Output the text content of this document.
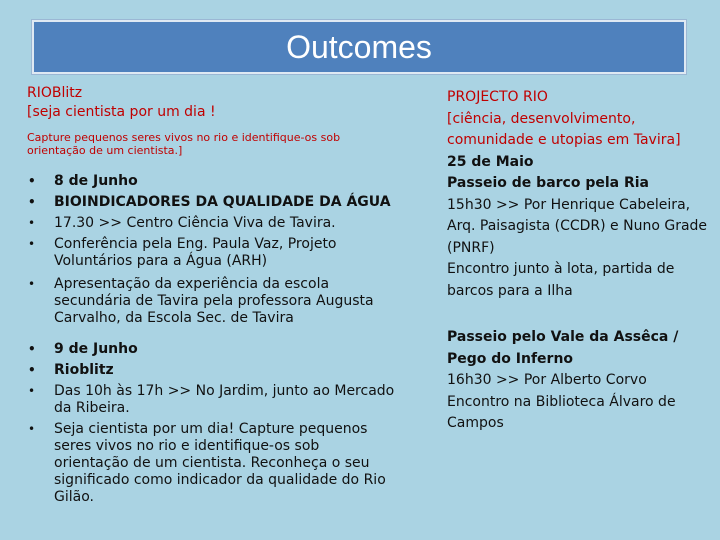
Outcomes
RIOBlitz
[seja cientista por um dia !
Capture pequenos seres vivos no rio e identifique-os sob orientação de um cientista.]
• 8 de Junho
• BIOINDICADORES DA QUALIDADE DA ÁGUA
• 17.30 >> Centro Ciência Viva de Tavira.
• Conferência pela Eng. Paula Vaz, Projeto Voluntários para a Água (ARH)
• Apresentação da experiência da escola secundária de Tavira pela professora Augusta Carvalho, da Escola Sec. de Tavira
• 9 de Junho
• Rioblitz
• Das 10h às 17h >> No Jardim, junto ao Mercado da Ribeira.
• Seja cientista por um dia! Capture pequenos seres vivos no rio e identifique-os sob orientação de um cientista. Reconheça o seu significado como indicador da qualidade do Rio Gilão.
PROJECTO RIO
[ciência, desenvolvimento, comunidade e utopias em Tavira]
25 de Maio
Passeio de barco pela Ria
15h30 >> Por Henrique Cabeleira, Arq. Paisagista (CCDR) e Nuno Grade (PNRF)
Encontro junto à lota, partida de barcos para a Ilha
Passeio pelo Vale da Assêca / Pego do Inferno
16h30 >> Por Alberto Corvo
Encontro na Biblioteca Álvaro de Campos
